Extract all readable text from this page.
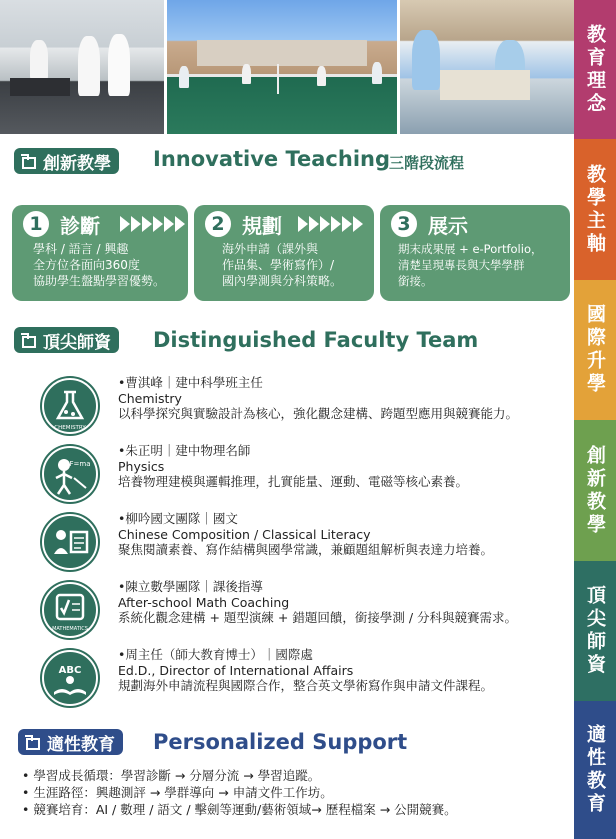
教育理念
教學主軸
國際升學
創新教學
頂尖師資
適性教育
創新教學 Innovative Teaching
三階段流程
1 診斷
學科 / 語言 / 興趣
全方位各面向360度
協助學生盤點學習優勢。
2 規劃
海外申請（課外與
作品集、學術寫作）/
國內學測與分科策略。
3 展示
期末成果展 + e-Portfolio，
清楚呈現專長與大學學群
銜接。
頂尖師資 Distinguished Faculty Team
CHEMISTRY
•曹淇峰｜建中科學班主任
Chemistry
以科學探究與實驗設計為核心，強化觀念建構、跨題型應用與競賽能力。
F=ma
•朱正明｜建中物理名師
Physics
培養物理建模與邏輯推理，扎實能量、運動、電磁等核心素養。
•柳吟國文團隊｜國文
Chinese Composition / Classical Literacy
聚焦閱讀素養、寫作結構與國學常識，兼顧題組解析與表達力培養。
MATHEMATICS
•陳立數學團隊｜課後指導
After-school Math Coaching
系統化觀念建構 + 題型演練 + 錯題回饋，銜接學測 / 分科與競賽需求。
ABC
•周主任（師大教育博士）｜國際處
Ed.D., Director of International Affairs
規劃海外申請流程與國際合作，整合英文學術寫作與申請文件課程。
適性教育 Personalized Support
• 學習成長循環：學習診斷 → 分層分流 → 學習追蹤。
• 生涯路徑：興趣測評 → 學群導向 → 申請文件工作坊。
• 競賽培育：AI / 數理 / 語文 / 擊劍等運動/藝術領域→ 歷程檔案 → 公開競賽。
